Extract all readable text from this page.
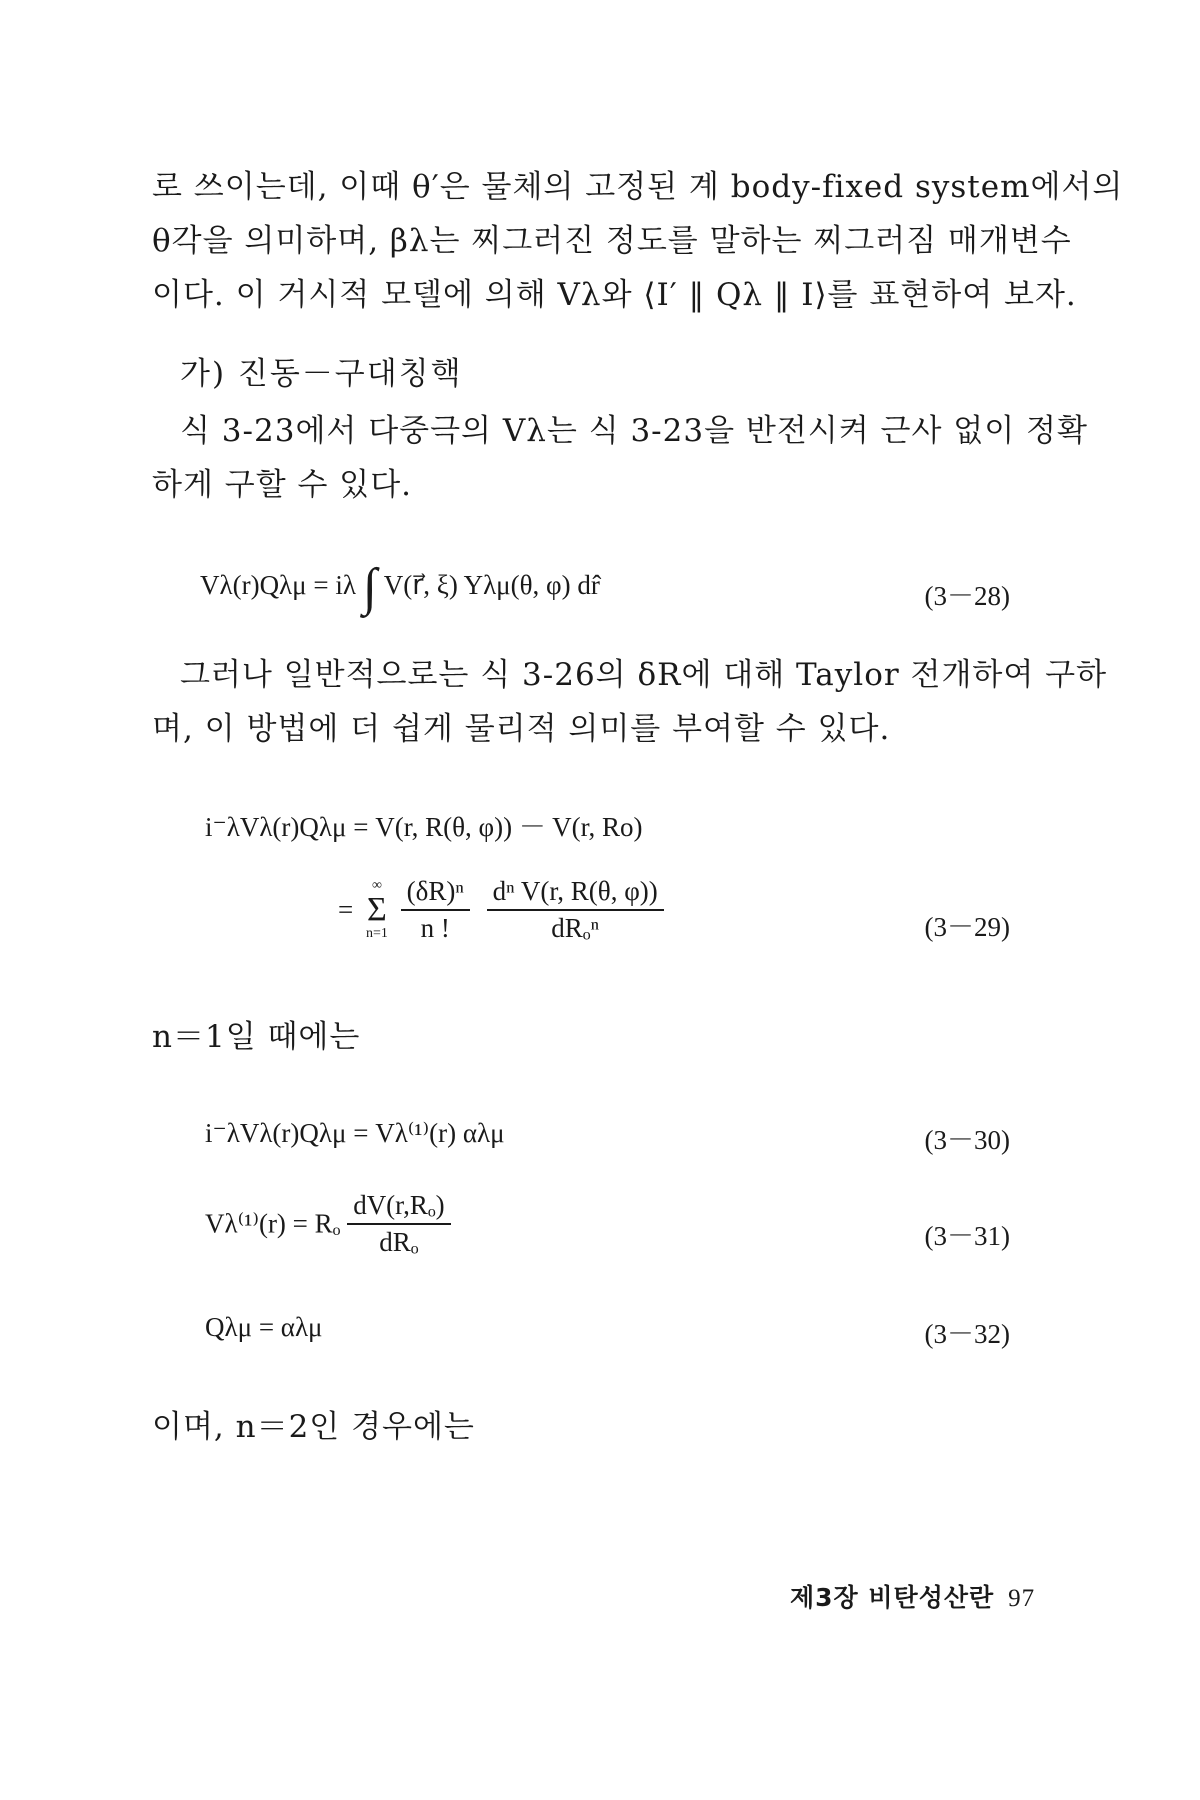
로 쓰이는데, 이때 θ′은 물체의 고정된 계 body-fixed system에서의

θ각을 의미하며, βλ는 찌그러진 정도를 말하는 찌그러짐 매개변수

이다. 이 거시적 모델에 의해 Vλ와 ⟨I′ ‖ Qλ ‖ I⟩를 표현하여 보자.

가) 진동－구대칭핵

식 3-23에서 다중극의 Vλ는 식 3-23을 반전시켜 근사 없이 정확

하게 구할 수 있다.

Vλ(r)Qλμ = iλ ∫ V(r⃗, ξ) Yλμ(θ, φ) dr̂	(3－28)

그러나 일반적으로는 식 3-26의 δR에 대해 Taylor 전개하여 구하

며, 이 방법에 더 쉽게 물리적 의미를 부여할 수 있다.

i⁻λVλ(r)Qλμ = V(r, R(θ, φ)) － V(r, Ro)
=
∞
Σ
n=1
$\frac{\text{(δR)ⁿ}}{n !}$
$\frac{\text{dⁿ V(r, R(θ, φ))}}{\text{dRₒⁿ}}$	(3－29)

n＝1일 때에는

i⁻λVλ(r)Qλμ = Vλ⁽¹⁾(r) αλμ	(3－30)
Vλ⁽¹⁾(r) = Rₒ $\frac{\text{dV(r,Rₒ)}}{\text{dRₒ}}$	(3－31)
Qλμ = αλμ	(3－32)

이며, n＝2인 경우에는

제3장 비탄성산란 97
